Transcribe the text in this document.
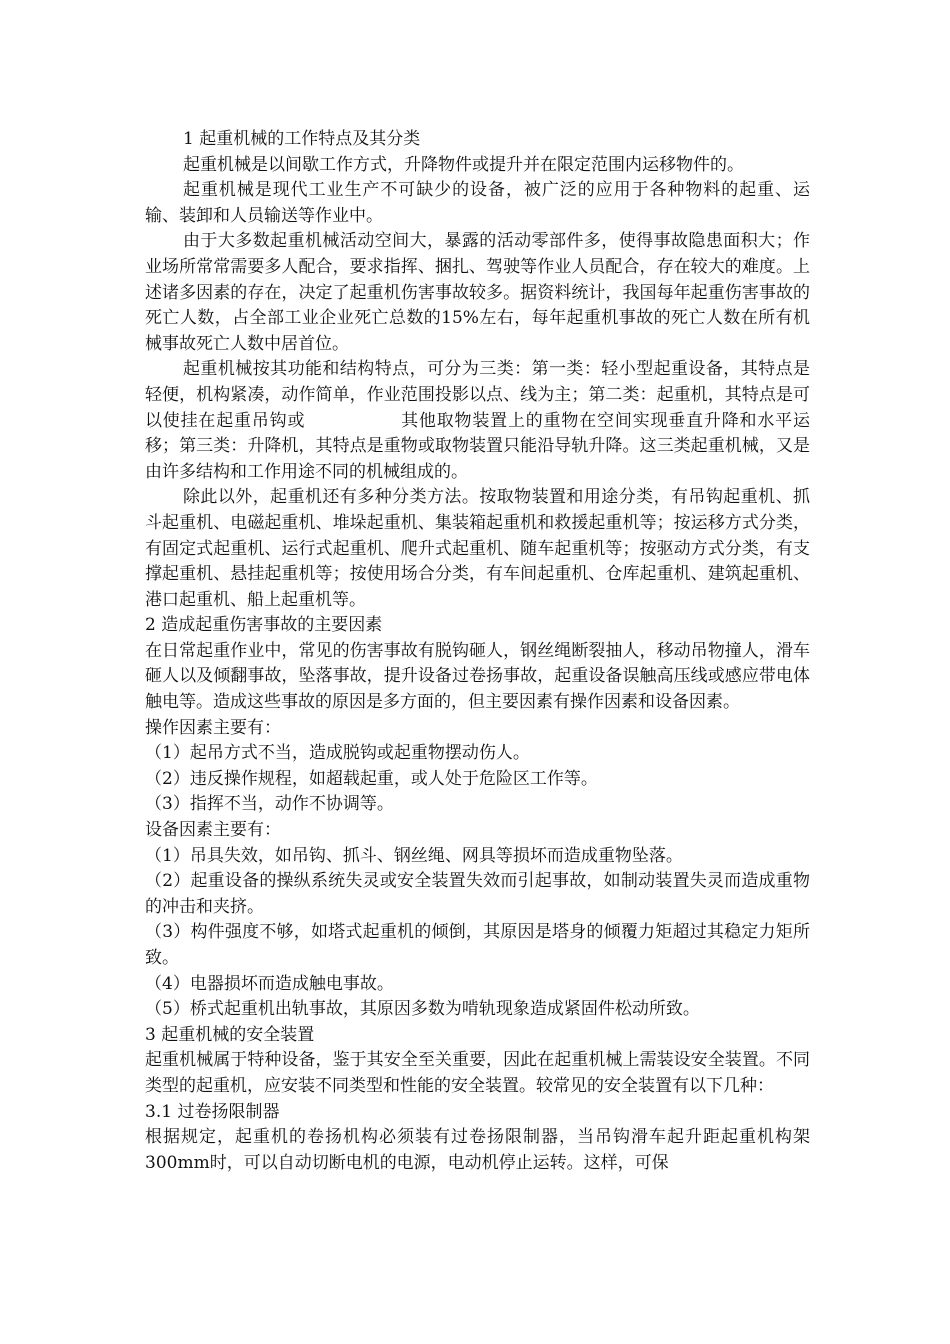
1 起重机械的工作特点及其分类

起重机械是以间歇工作方式，升降物件或提升并在限定范围内运移物件的。

起重机械是现代工业生产不可缺少的设备，被广泛的应用于各种物料的起重、运输、装卸和人员输送等作业中。

由于大多数起重机械活动空间大，暴露的活动零部件多，使得事故隐患面积大；作业场所常常需要多人配合，要求指挥、捆扎、驾驶等作业人员配合，存在较大的难度。上述诸多因素的存在，决定了起重机伤害事故较多。据资料统计，我国每年起重伤害事故的死亡人数，占全部工业企业死亡总数的15%左右，每年起重机事故的死亡人数在所有机械事故死亡人数中居首位。

起重机械按其功能和结构特点，可分为三类：第一类：轻小型起重设备，其特点是轻便，机构紧凑，动作简单，作业范围投影以点、线为主；第二类：起重机，其特点是可以使挂在起重吊钩或	其他取物装置上的重物在空间实现垂直升降和水平运移；第三类：升降机，其特点是重物或取物装置只能沿导轨升降。这三类起重机械，又是由许多结构和工作用途不同的机械组成的。

除此以外，起重机还有多种分类方法。按取物装置和用途分类，有吊钩起重机、抓斗起重机、电磁起重机、堆垛起重机、集装箱起重机和救援起重机等；按运移方式分类，有固定式起重机、运行式起重机、爬升式起重机、随车起重机等；按驱动方式分类，有支撑起重机、悬挂起重机等；按使用场合分类，有车间起重机、仓库起重机、建筑起重机、港口起重机、船上起重机等。

2 造成起重伤害事故的主要因素

在日常起重作业中，常见的伤害事故有脱钩砸人，钢丝绳断裂抽人，移动吊物撞人，滑车砸人以及倾翻事故，坠落事故，提升设备过卷扬事故，起重设备误触高压线或感应带电体触电等。造成这些事故的原因是多方面的，但主要因素有操作因素和设备因素。

操作因素主要有：

（1）起吊方式不当，造成脱钩或起重物摆动伤人。

（2）违反操作规程，如超载起重，或人处于危险区工作等。

（3）指挥不当，动作不协调等。

设备因素主要有：

（1）吊具失效，如吊钩、抓斗、钢丝绳、网具等损坏而造成重物坠落。

（2）起重设备的操纵系统失灵或安全装置失效而引起事故，如制动装置失灵而造成重物的冲击和夹挤。

（3）构件强度不够，如塔式起重机的倾倒，其原因是塔身的倾覆力矩超过其稳定力矩所致。

（4）电器损坏而造成触电事故。

（5）桥式起重机出轨事故，其原因多数为啃轨现象造成紧固件松动所致。

3 起重机械的安全装置

起重机械属于特种设备，鉴于其安全至关重要，因此在起重机械上需装设安全装置。不同类型的起重机，应安装不同类型和性能的安全装置。较常见的安全装置有以下几种：

3.1 过卷扬限制器

根据规定，起重机的卷扬机构必须装有过卷扬限制器，当吊钩滑车起升距起重机构架300mm时，可以自动切断电机的电源，电动机停止运转。这样，可保
